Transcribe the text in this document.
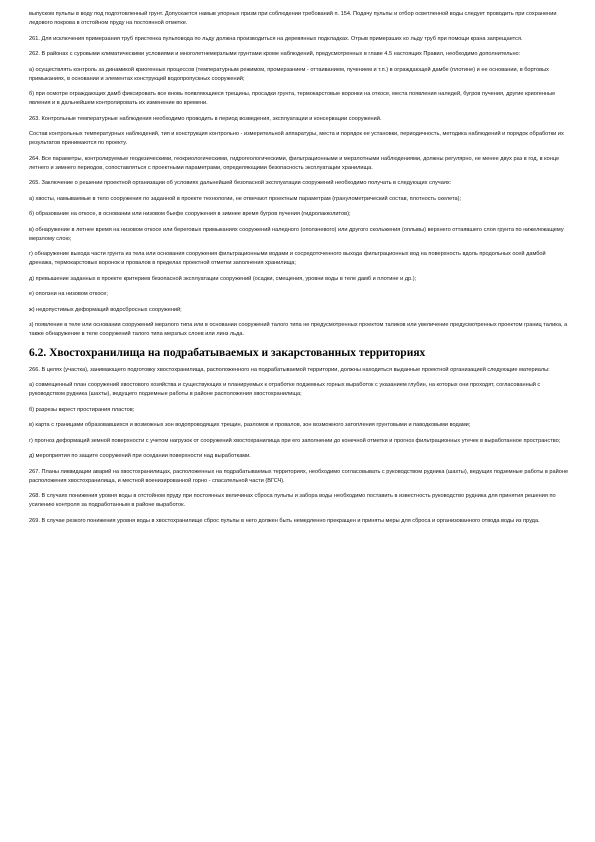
выпуском пульпы в воду под подготовленный грунт. Допускается намыв упорных призм при соблюдении требований п. 154. Подачу пульпы и отбор осветленной воды следует проводить при сохранении ледового покрова в отстойном пруду на постоянной отметке.

261. Для исключения примерзания труб пристенка пульповода по льду должна производиться на деревянных подкладках. Отрыв примерзших ко льду труб при помощи крана запрещается.

262. В районах с суровыми климатическими условиями и многолетнемерзлыми грунтами кроме наблюдений, предусмотренных в главе 4.5 настоящих Правил, необходимо дополнительно:

а) осуществлять контроль за динамикой криогенных процессов (температурным режимом, промерзанием - оттаиванием, пучением и т.п.) в ограждающей дамбе (плотине) и ее основании, в бортовых примыканиях, в основании и элементах конструкций водопропускных сооружений;

б) при осмотре ограждающих дамб фиксировать все вновь появляющиеся трещины, просадки грунта, термокарстовые воронки на откосе, места появления наледей, бугров пучения, другие криогенные явления и в дальнейшем контролировать их изменение во времени.

263. Контрольные температурные наблюдения необходимо проводить в период возведения, эксплуатации и консервации сооружений.

Состав контрольных температурных наблюдений, тип и конструкция контрольно - измерительной аппаратуры, места и порядок ее установки, периодичность, методика наблюдений и порядок обработки их результатов принимаются по проекту.

264. Все параметры, контролируемые геодезическими, геокриологическими, гидрогеологическими, фильтрационными и мерзлотными наблюдениями, должны регулярно, не менее двух раз в год, в конце летнего и зимнего периодов, сопоставляться с проектными параметрами, определяющими безопасность эксплуатации хранилища.

265. Заключение о решении проектной организации об условиях дальнейшей безопасной эксплуатации сооружений необходимо получать в следующих случаях:

а) хвосты, намываемые в тело сооружения по заданной в проекте технологии, не отвечают проектным параметрам (гранулометрический состав, плотность скелета);

б) образование на откосе, в основании или низовом бьефе сооружения в зимнее время бугров пучения (гидролакколитов);

в) обнаружение в летнее время на низовом откосе или береговых примыканиях сооружений наледного (оползневого) или другого скольжения (оплывы) верхнего оттаявшего слоя грунта по нижележащему мерзлому слою;

г) обнаружение выхода части грунта из тела или основания сооружения фильтрационными водами и сосредоточенного выхода фильтрационных вод на поверхность вдоль продольных осей дамбой дренажа, термокарстовых воронок и провалов в пределах проектной отметки заполнения хранилища;

д) превышение заданных в проекте критериев безопасной эксплуатации сооружений (осадки, смещения, уровни воды в теле дамб и плотине и др.);

е) оползни на низовом откосе;

ж) недопустимых деформаций водосбросных сооружений;

з) появление в теле или основании сооружений мерзлого типа или в основании сооружений талого типа не предусмотренных проектом таликов или увеличение предусмотренных проектом границ талика, а также обнаружение в теле сооружений талого типа мерзлых слоев или линз льда.

6.2. Хвостохранилища на подрабатываемых и закарстованных территориях

266. В целях (участка), занимающего подготовку хвостохранилища, расположенного на подрабатываемой территории, должны находиться выданные проектной организацией следующие материалы:

а) совмещенный план сооружений хвостового хозяйства и существующих и планируемых к отработке подземных горных выработок с указанием глубин, на которых они проходят, согласованный с руководством рудника (шахты), ведущего подземные работы в районе расположения хвостохранилища;

б) разрезы вкрест простирания пластов;

в) карта с границами образовавшихся и возможных зон водопроводящих трещин, разломов и провалов, зон возможного затопления грунтовыми и паводковыми водами;

г) прогноз деформаций земной поверхности с учетом нагрузок от сооружений хвостохранилища при его заполнении до конечной отметки и прогноз фильтрационных утечек в выработанное пространство;

д) мероприятия по защите сооружений при оседании поверхности над выработками.

267. Планы ликвидации аварий на хвостохранилищах, расположенных на подрабатываемых территориях, необходимо согласовывать с руководством рудника (шахты), ведущих подземные работы в районе расположения хвостохранилища, и местной военизированной горно - спасательной части (ВГСЧ).

268. В случаях понижения уровня воды в отстойном пруду при постоянных величинах сброса пульпы и забора воды необходимо поставить в известность руководство рудника для принятия решения по усилению контроля за подработанным в районе выработок.

269. В случае резкого понижения уровня воды в хвостохранилище сброс пульпы в него должен быть немедленно прекращен и приняты меры для сброса и организованного отвода воды из пруда.
